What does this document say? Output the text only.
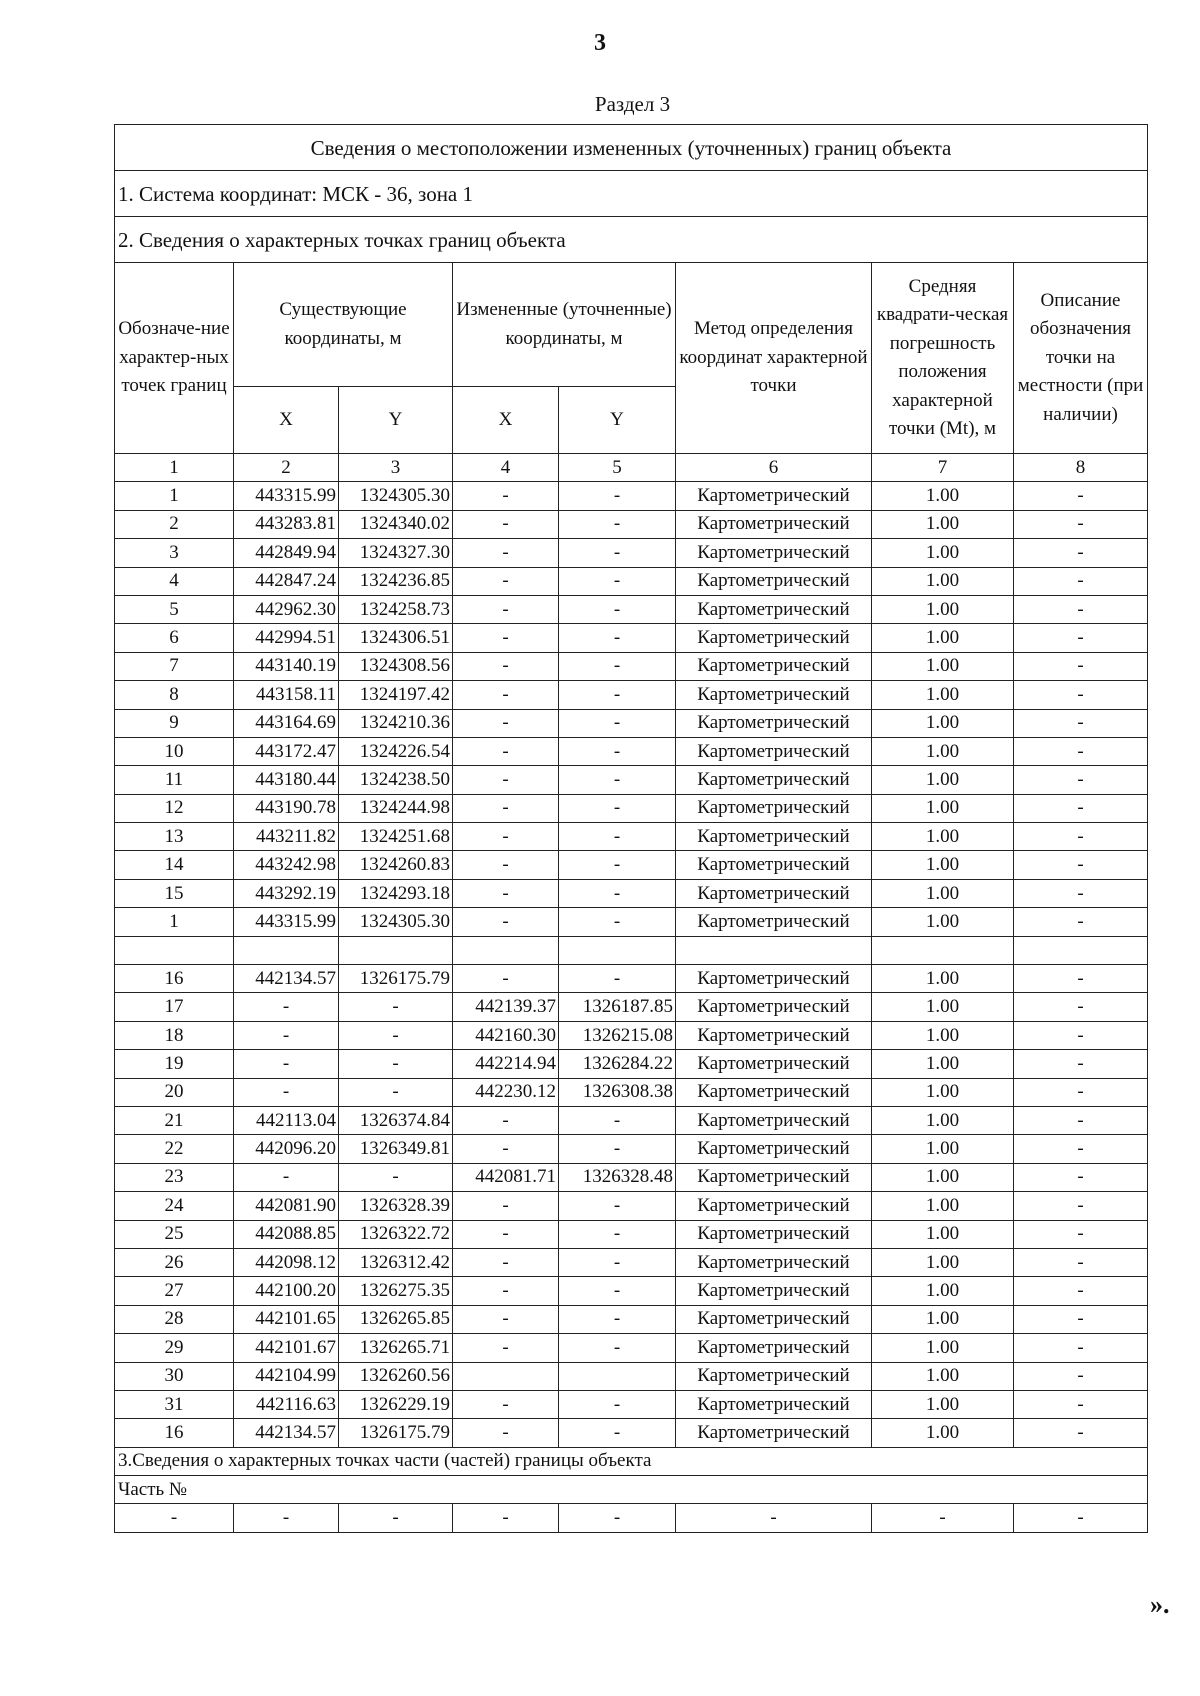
3
Раздел 3
Сведения о местоположении измененных (уточненных) границ объекта							
1. Система координат: МСК - 36, зона 1							
2. Сведения о характерных точках границ объекта							
Обозначе-ние характер-ных точек границ	Существующие координаты, м		Измененные (уточненные) координаты, м		Метод определения координат характерной точки	Средняя квадрати-ческая погрешность положения характерной точки (Mt), м	Описание обозначения точки на местности (при наличии)
	X	Y	X	Y			
1	2	3	4	5	6	7	8
1	443315.99	1324305.30	-	-	Картометрический	1.00	-
2	443283.81	1324340.02	-	-	Картометрический	1.00	-
3	442849.94	1324327.30	-	-	Картометрический	1.00	-
4	442847.24	1324236.85	-	-	Картометрический	1.00	-
5	442962.30	1324258.73	-	-	Картометрический	1.00	-
6	442994.51	1324306.51	-	-	Картометрический	1.00	-
7	443140.19	1324308.56	-	-	Картометрический	1.00	-
8	443158.11	1324197.42	-	-	Картометрический	1.00	-
9	443164.69	1324210.36	-	-	Картометрический	1.00	-
10	443172.47	1324226.54	-	-	Картометрический	1.00	-
11	443180.44	1324238.50	-	-	Картометрический	1.00	-
12	443190.78	1324244.98	-	-	Картометрический	1.00	-
13	443211.82	1324251.68	-	-	Картометрический	1.00	-
14	443242.98	1324260.83	-	-	Картометрический	1.00	-
15	443292.19	1324293.18	-	-	Картометрический	1.00	-
1	443315.99	1324305.30	-	-	Картометрический	1.00	-

16	442134.57	1326175.79	-	-	Картометрический	1.00	-
17	-	-	442139.37	1326187.85	Картометрический	1.00	-
18	-	-	442160.30	1326215.08	Картометрический	1.00	-
19	-	-	442214.94	1326284.22	Картометрический	1.00	-
20	-	-	442230.12	1326308.38	Картометрический	1.00	-
21	442113.04	1326374.84	-	-	Картометрический	1.00	-
22	442096.20	1326349.81	-	-	Картометрический	1.00	-
23	-	-	442081.71	1326328.48	Картометрический	1.00	-
24	442081.90	1326328.39	-	-	Картометрический	1.00	-
25	442088.85	1326322.72	-	-	Картометрический	1.00	-
26	442098.12	1326312.42	-	-	Картометрический	1.00	-
27	442100.20	1326275.35	-	-	Картометрический	1.00	-
28	442101.65	1326265.85	-	-	Картометрический	1.00	-
29	442101.67	1326265.71	-	-	Картометрический	1.00	-
30	442104.99	1326260.56			Картометрический	1.00	-
31	442116.63	1326229.19	-	-	Картометрический	1.00	-
16	442134.57	1326175.79	-	-	Картометрический	1.00	-
3.Сведения о характерных точках части (частей) границы объекта							
Часть №							
-	-	-	-	-	-	-	-
».
